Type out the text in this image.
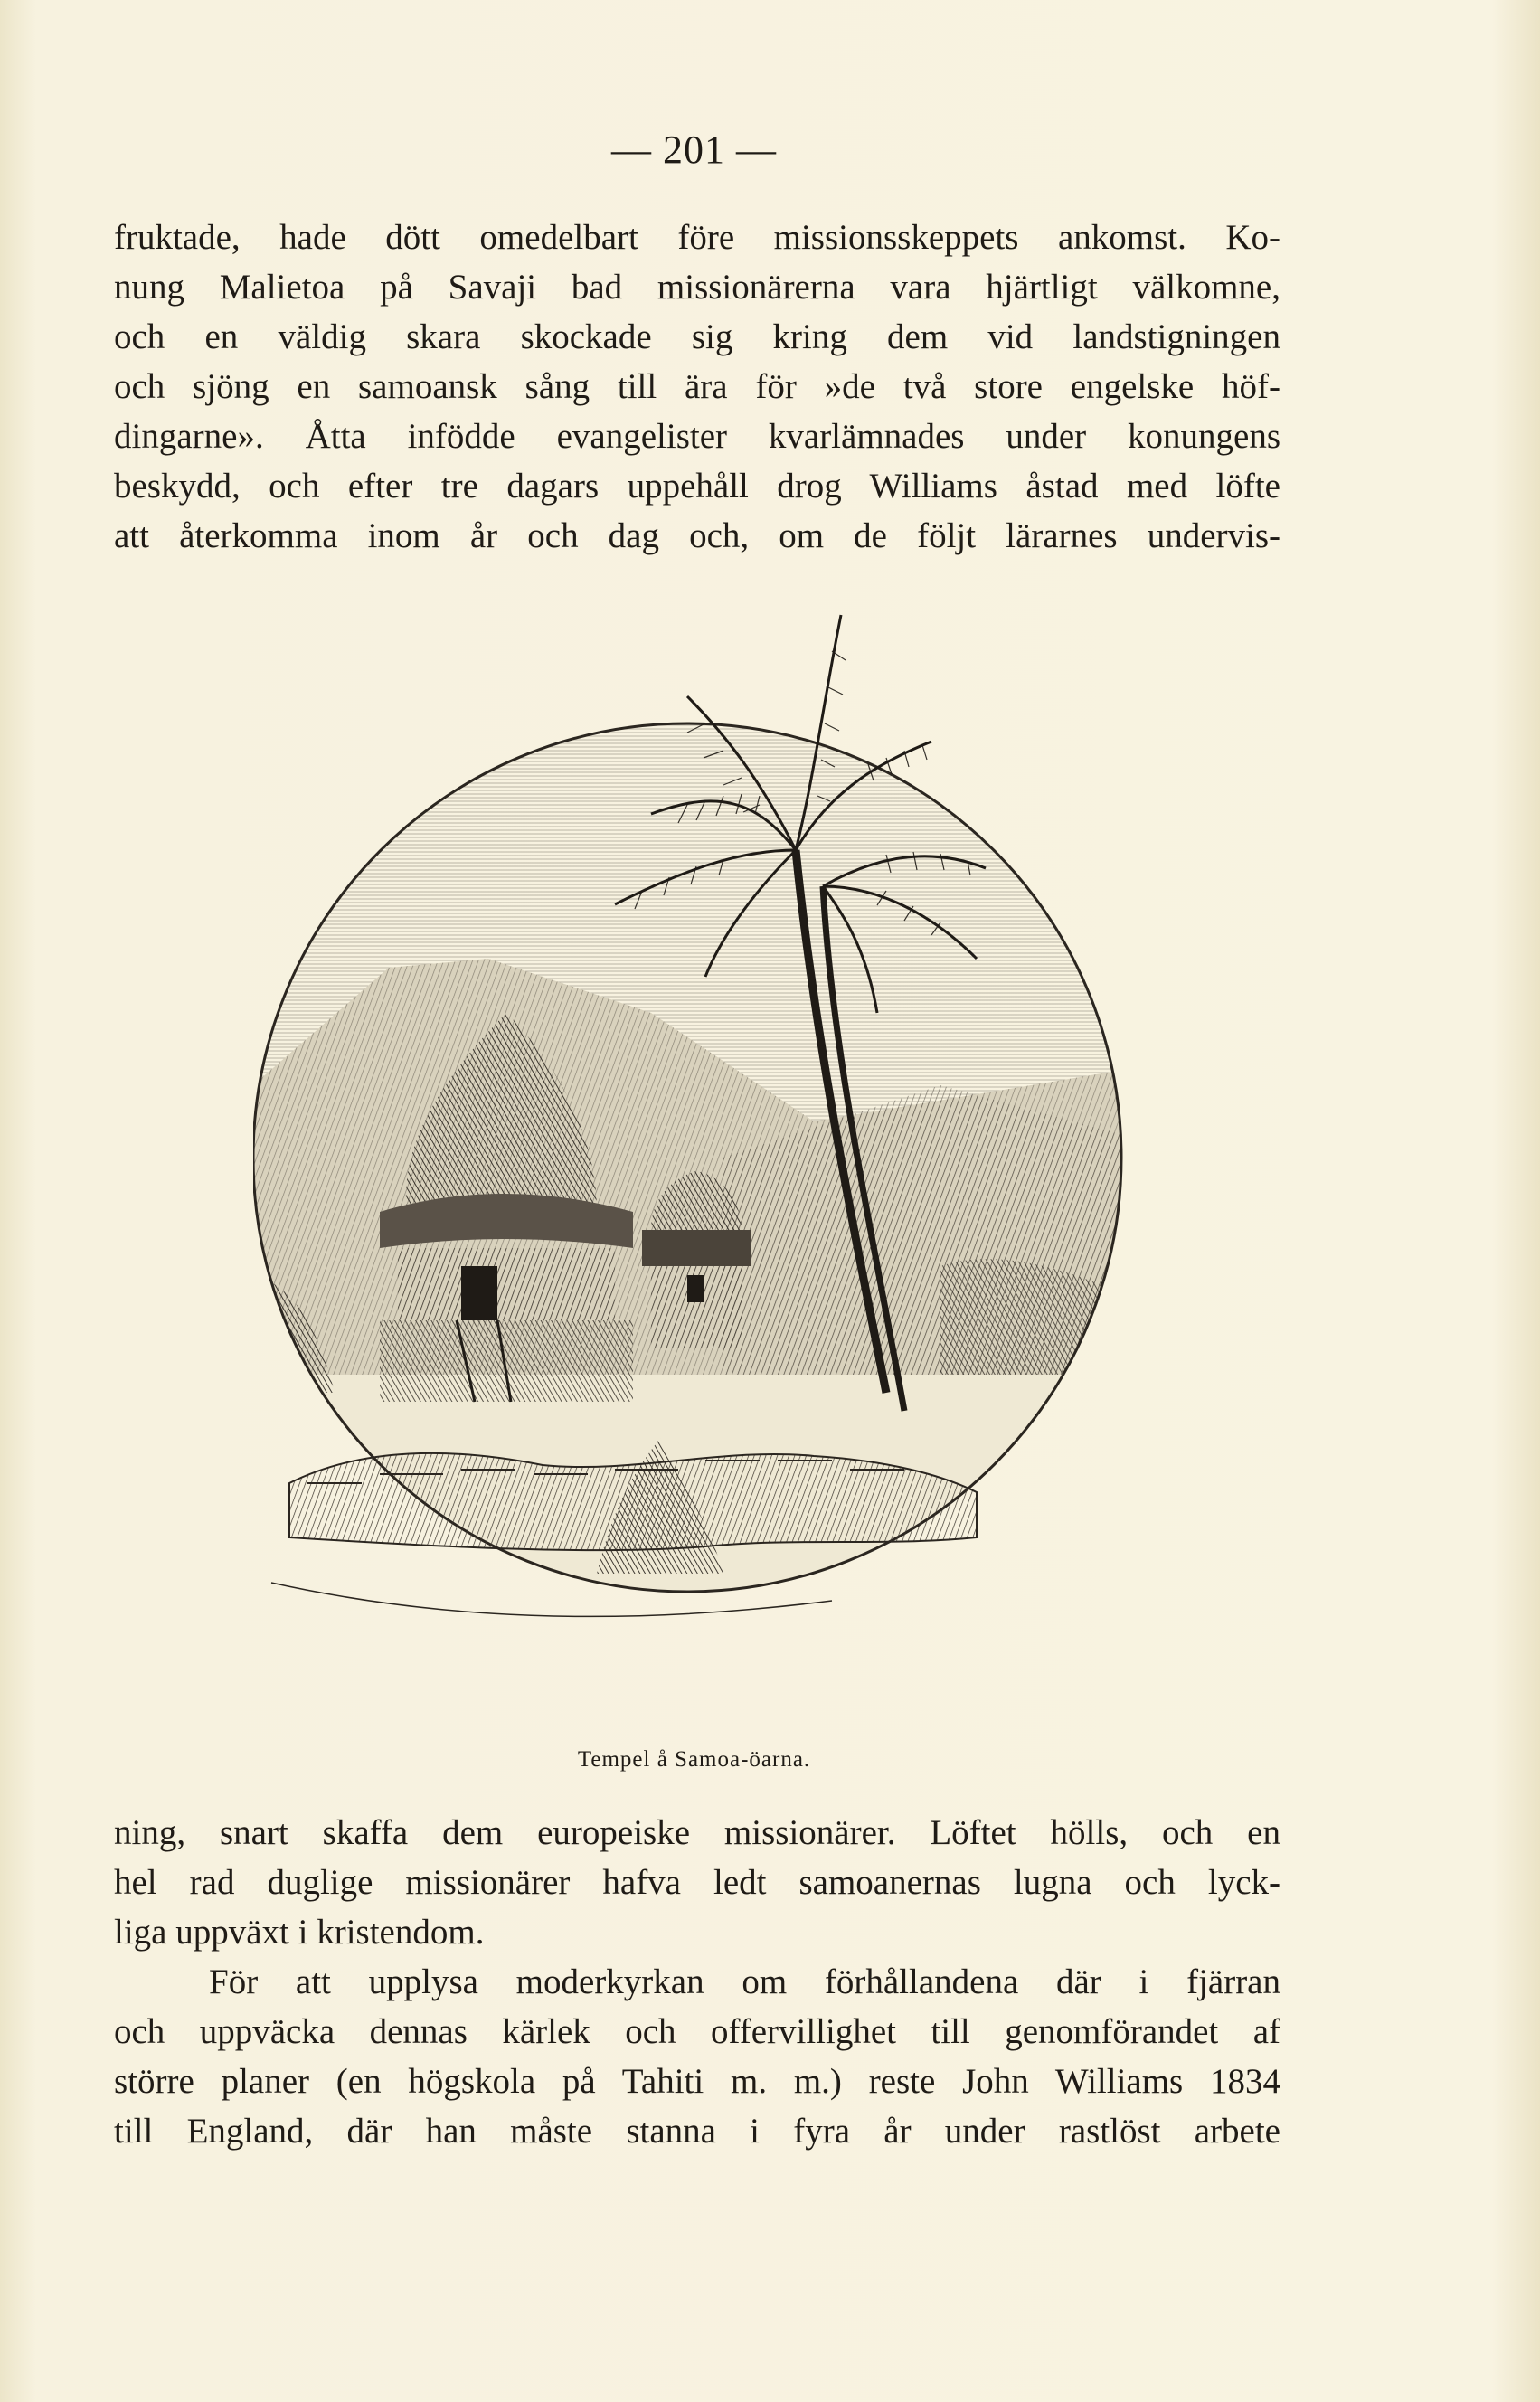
— 201 —
fruktade, hade dött omedelbart före missionsskeppets ankomst. Ko-
nung Malietoa på Savaji bad missionärerna vara hjärtligt välkomne,
och en väldig skara skockade sig kring dem vid landstigningen
och sjöng en samoansk sång till ära för »de två store engelske höf-
dingarne». Åtta infödde evangelister kvarlämnades under konungens
beskydd, och efter tre dagars uppehåll drog Williams åstad med löfte
att återkomma inom år och dag och, om de följt lärarnes undervis-
Tempel å Samoa-öarna.
ning, snart skaffa dem europeiske missionärer. Löftet hölls, och en
hel rad duglige missionärer hafva ledt samoanernas lugna och lyck-
liga uppväxt i kristendom.
För att upplysa moderkyrkan om förhållandena där i fjärran
och uppväcka dennas kärlek och offervillighet till genomförandet af
större planer (en högskola på Tahiti m. m.) reste John Williams 1834
till England, där han måste stanna i fyra år under rastlöst arbete
